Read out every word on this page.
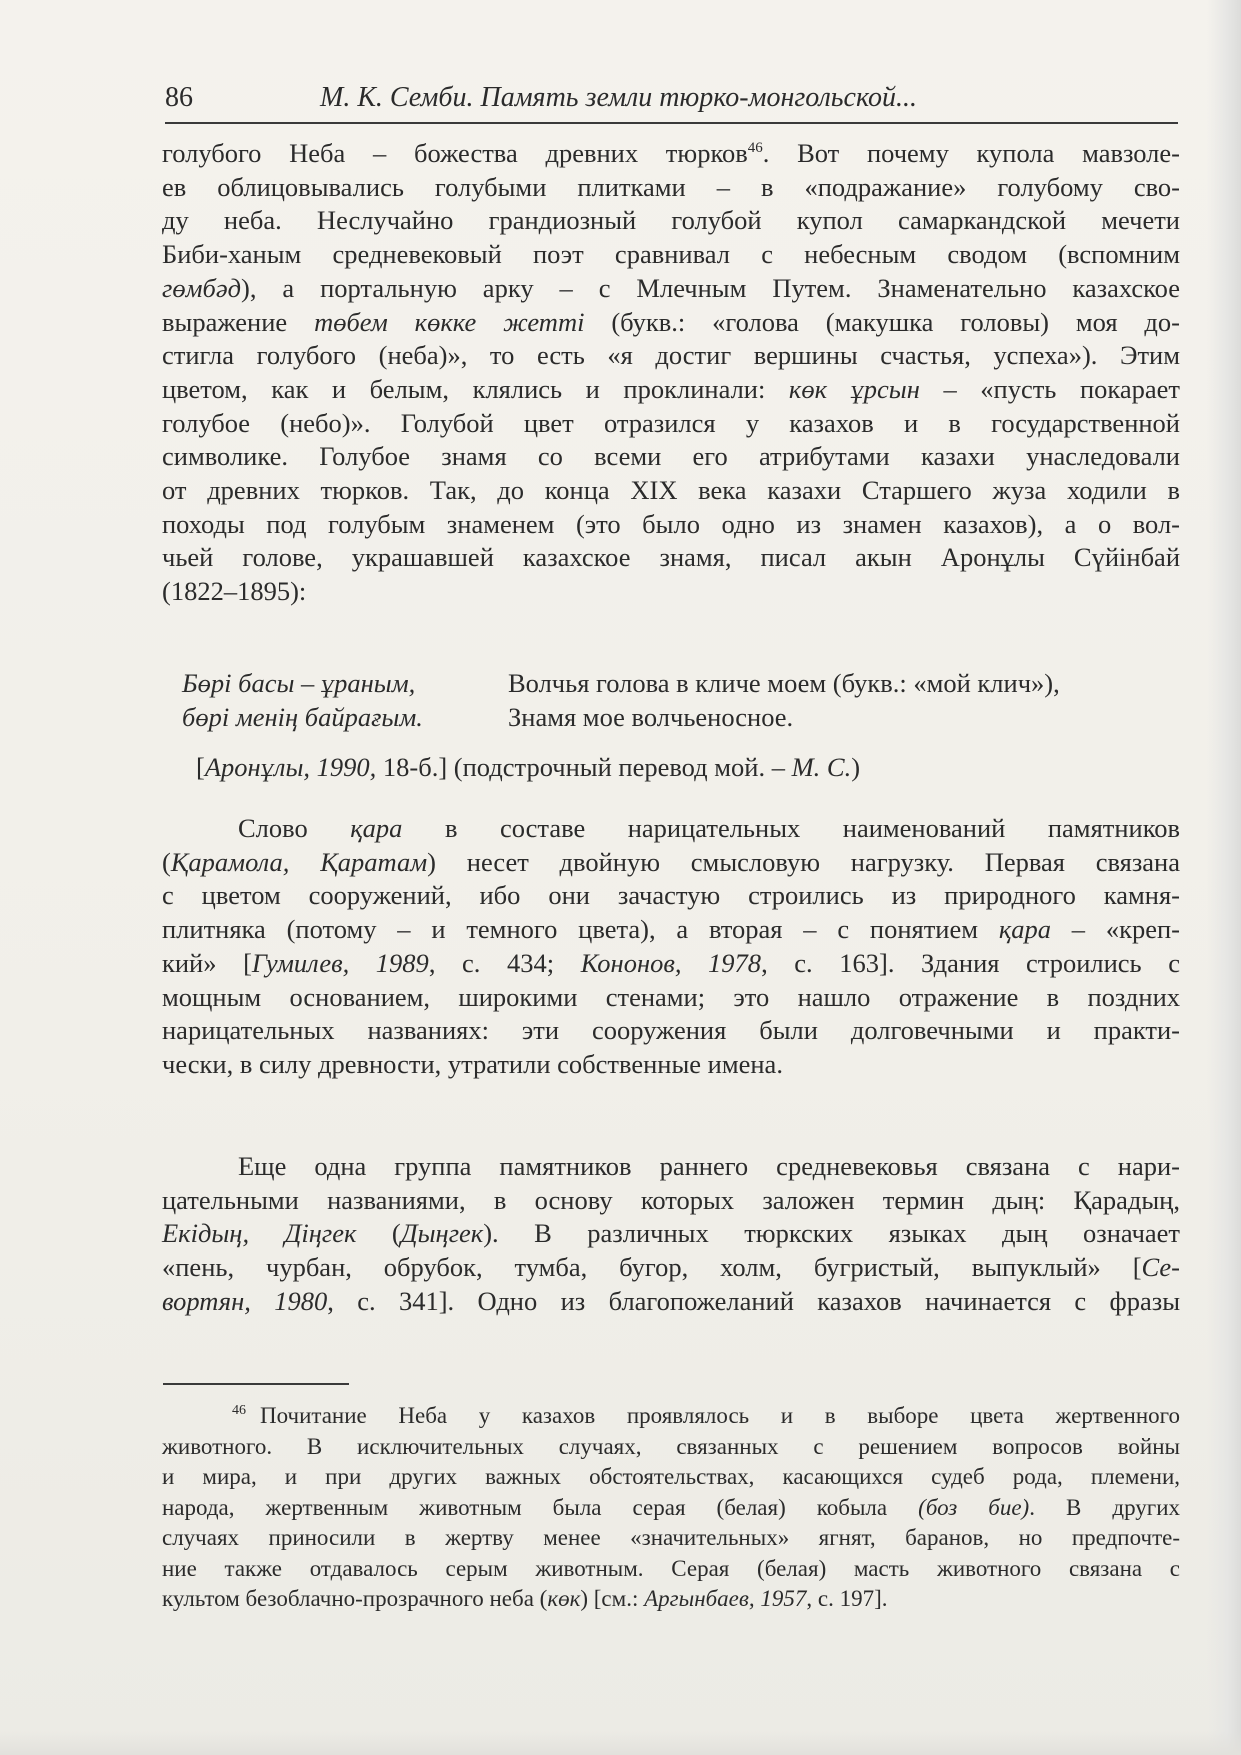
86	М. К. Семби. Память земли тюрко-монгольской...
голубого Неба – божества древних тюрков$^{46}$. Вот почему купола мавзоле-
ев облицовывались голубыми плитками – в «подражание» голубому сво-
ду неба. Неслучайно грандиозный голубой купол самаркандской мечети
Биби-ханым средневековый поэт сравнивал с небесным сводом (вспомним
гөмбәд), а портальную арку – с Млечным Путем. Знаменательно казахское
выражение төбем көкке жетті (букв.: «голова (макушка головы) моя до-
стигла голубого (неба)», то есть «я достиг вершины счастья, успеха»). Этим
цветом, как и белым, клялись и проклинали: көк ұрсын – «пусть покарает
голубое (небо)». Голубой цвет отразился у казахов и в государственной
символике. Голубое знамя со всеми его атрибутами казахи унаследовали
от древних тюрков. Так, до конца XIX века казахи Старшего жуза ходили в
походы под голубым знаменем (это было одно из знамен казахов), а о вол-
чьей голове, украшавшей казахское знамя, писал акын Аронұлы Сүйінбай
(1822–1895):
Бөрі басы – ұраным,	Волчья голова в кличе моем (букв.: «мой клич»),
бөрі менің байрағым.	Знамя мое волчьеносное.
[Аронұлы, 1990, 18-б.] (подстрочный перевод мой. – М. С.)
Слово қара в составе нарицательных наименований памятников
(Қарамола, Қаратам) несет двойную смысловую нагрузку. Первая связана
с цветом сооружений, ибо они зачастую строились из природного камня-
плитняка (потому – и темного цвета), а вторая – с понятием қара – «креп-
кий» [Гумилев, 1989, с. 434; Кононов, 1978, с. 163]. Здания строились с
мощным основанием, широкими стенами; это нашло отражение в поздних
нарицательных названиях: эти сооружения были долговечными и практи-
чески, в силу древности, утратили собственные имена.
Еще одна группа памятников раннего средневековья связана с нари-
цательными названиями, в основу которых заложен термин дың: Қарадың,
Екідың, Діңгек (Дыңгек). В различных тюркских языках дың означает
«пень, чурбан, обрубок, тумба, бугор, холм, бугристый, выпуклый» [Се-
вортян, 1980, с. 341]. Одно из благопожеланий казахов начинается с фразы
$^{46}$ Почитание Неба у казахов проявлялось и в выборе цвета жертвенного
животного. В исключительных случаях, связанных с решением вопросов войны
и мира, и при других важных обстоятельствах, касающихся судеб рода, племени,
народа, жертвенным животным была серая (белая) кобыла (боз бие). В других
случаях приносили в жертву менее «значительных» ягнят, баранов, но предпочте-
ние также отдавалось серым животным. Серая (белая) масть животного связана с
культом безоблачно-прозрачного неба (көк) [см.: Аргынбаев, 1957, с. 197].
